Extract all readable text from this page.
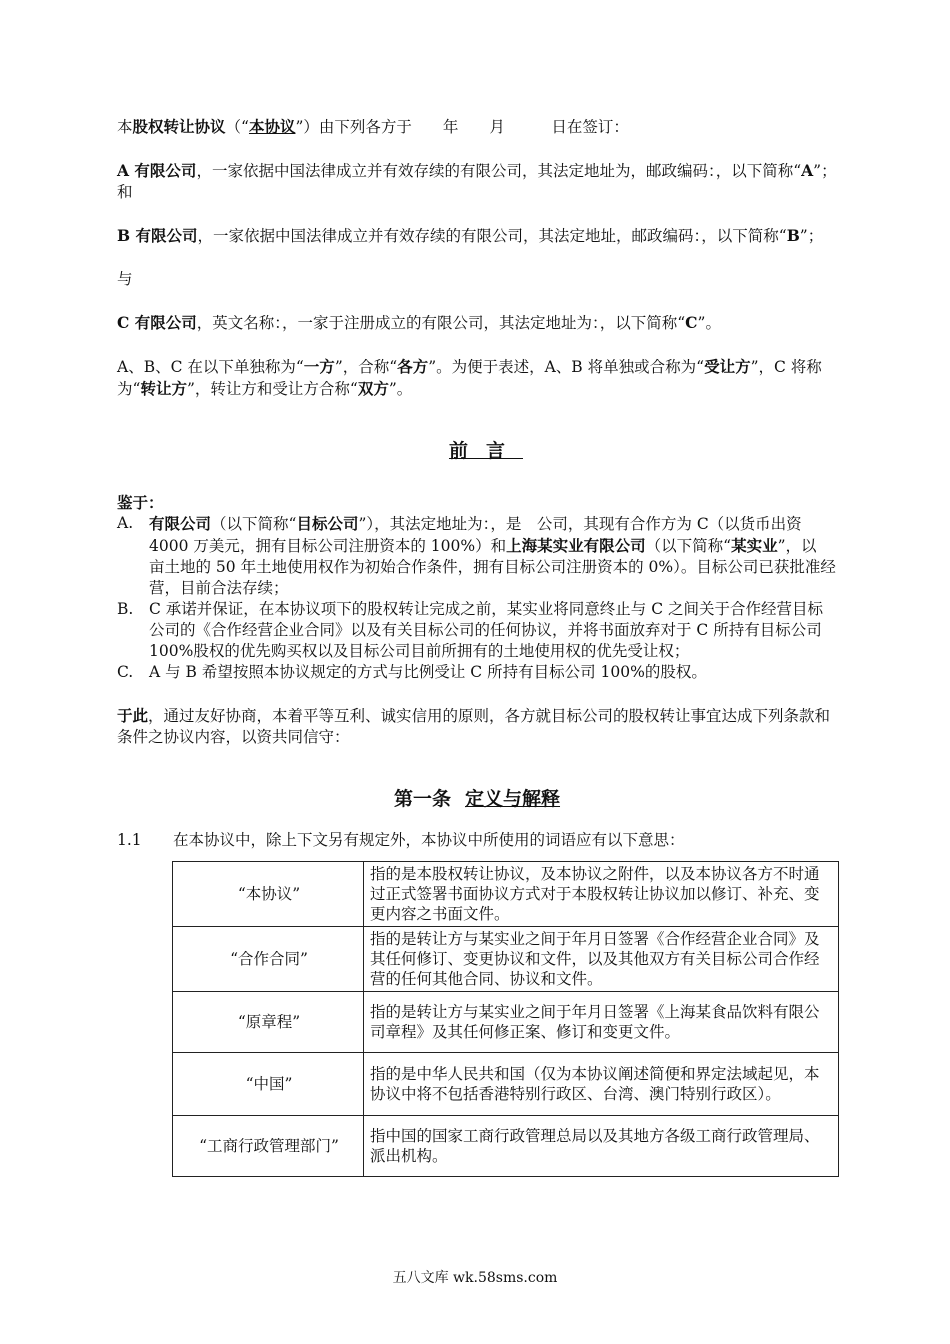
本股权转让协议（“本协议”）由下列各方于　　年　　月　　　日在签订：

A 有限公司，一家依据中国法律成立并有效存续的有限公司，其法定地址为，邮政编码：，以下简称“A”；和

B 有限公司，一家依据中国法律成立并有效存续的有限公司，其法定地址，邮政编码：，以下简称“B”；

与

C 有限公司，英文名称：，一家于注册成立的有限公司，其法定地址为：，以下简称“C”。

A、B、C 在以下单独称为“一方”，合称“各方”。为便于表述，A、B 将单独或合称为“受让方”，C 将称为“转让方”，转让方和受让方合称“双方”。

前言
鉴于：
A.	有限公司（以下简称“目标公司”），其法定地址为：，是　公司，其现有合作方为 C（以货币出资 4000 万美元，拥有目标公司注册资本的 100%）和上海某实业有限公司（以下简称“某实业”，以　亩土地的 50 年土地使用权作为初始合作条件，拥有目标公司注册资本的 0%）。目标公司已获批准经营，目前合法存续；
B.	C 承诺并保证，在本协议项下的股权转让完成之前，某实业将同意终止与 C 之间关于合作经营目标公司的《合作经营企业合同》以及有关目标公司的任何协议，并将书面放弃对于 C 所持有目标公司 100%股权的优先购买权以及目标公司目前所拥有的土地使用权的优先受让权；
C.	A 与 B 希望按照本协议规定的方式与比例受让 C 所持有目标公司 100%的股权。

于此，通过友好协商，本着平等互利、诚实信用的原则，各方就目标公司的股权转让事宜达成下列条款和条件之协议内容，以资共同信守：

第一条 定义与解释
1.1	在本协议中，除上下文另有规定外，本协议中所使用的词语应有以下意思：
“本协议”	指的是本股权转让协议，及本协议之附件，以及本协议各方不时通过正式签署书面协议方式对于本股权转让协议加以修订、补充、变更内容之书面文件。
“合作合同”	指的是转让方与某实业之间于年月日签署《合作经营企业合同》及其任何修订、变更协议和文件，以及其他双方有关目标公司合作经营的任何其他合同、协议和文件。
“原章程”	指的是转让方与某实业之间于年月日签署《上海某食品饮料有限公司章程》及其任何修正案、修订和变更文件。
“中国”	指的是中华人民共和国（仅为本协议阐述简便和界定法域起见，本协议中将不包括香港特别行政区、台湾、澳门特别行政区）。
“工商行政管理部门”	指中国的国家工商行政管理总局以及其地方各级工商行政管理局、派出机构。
五八文库 wk.58sms.com
